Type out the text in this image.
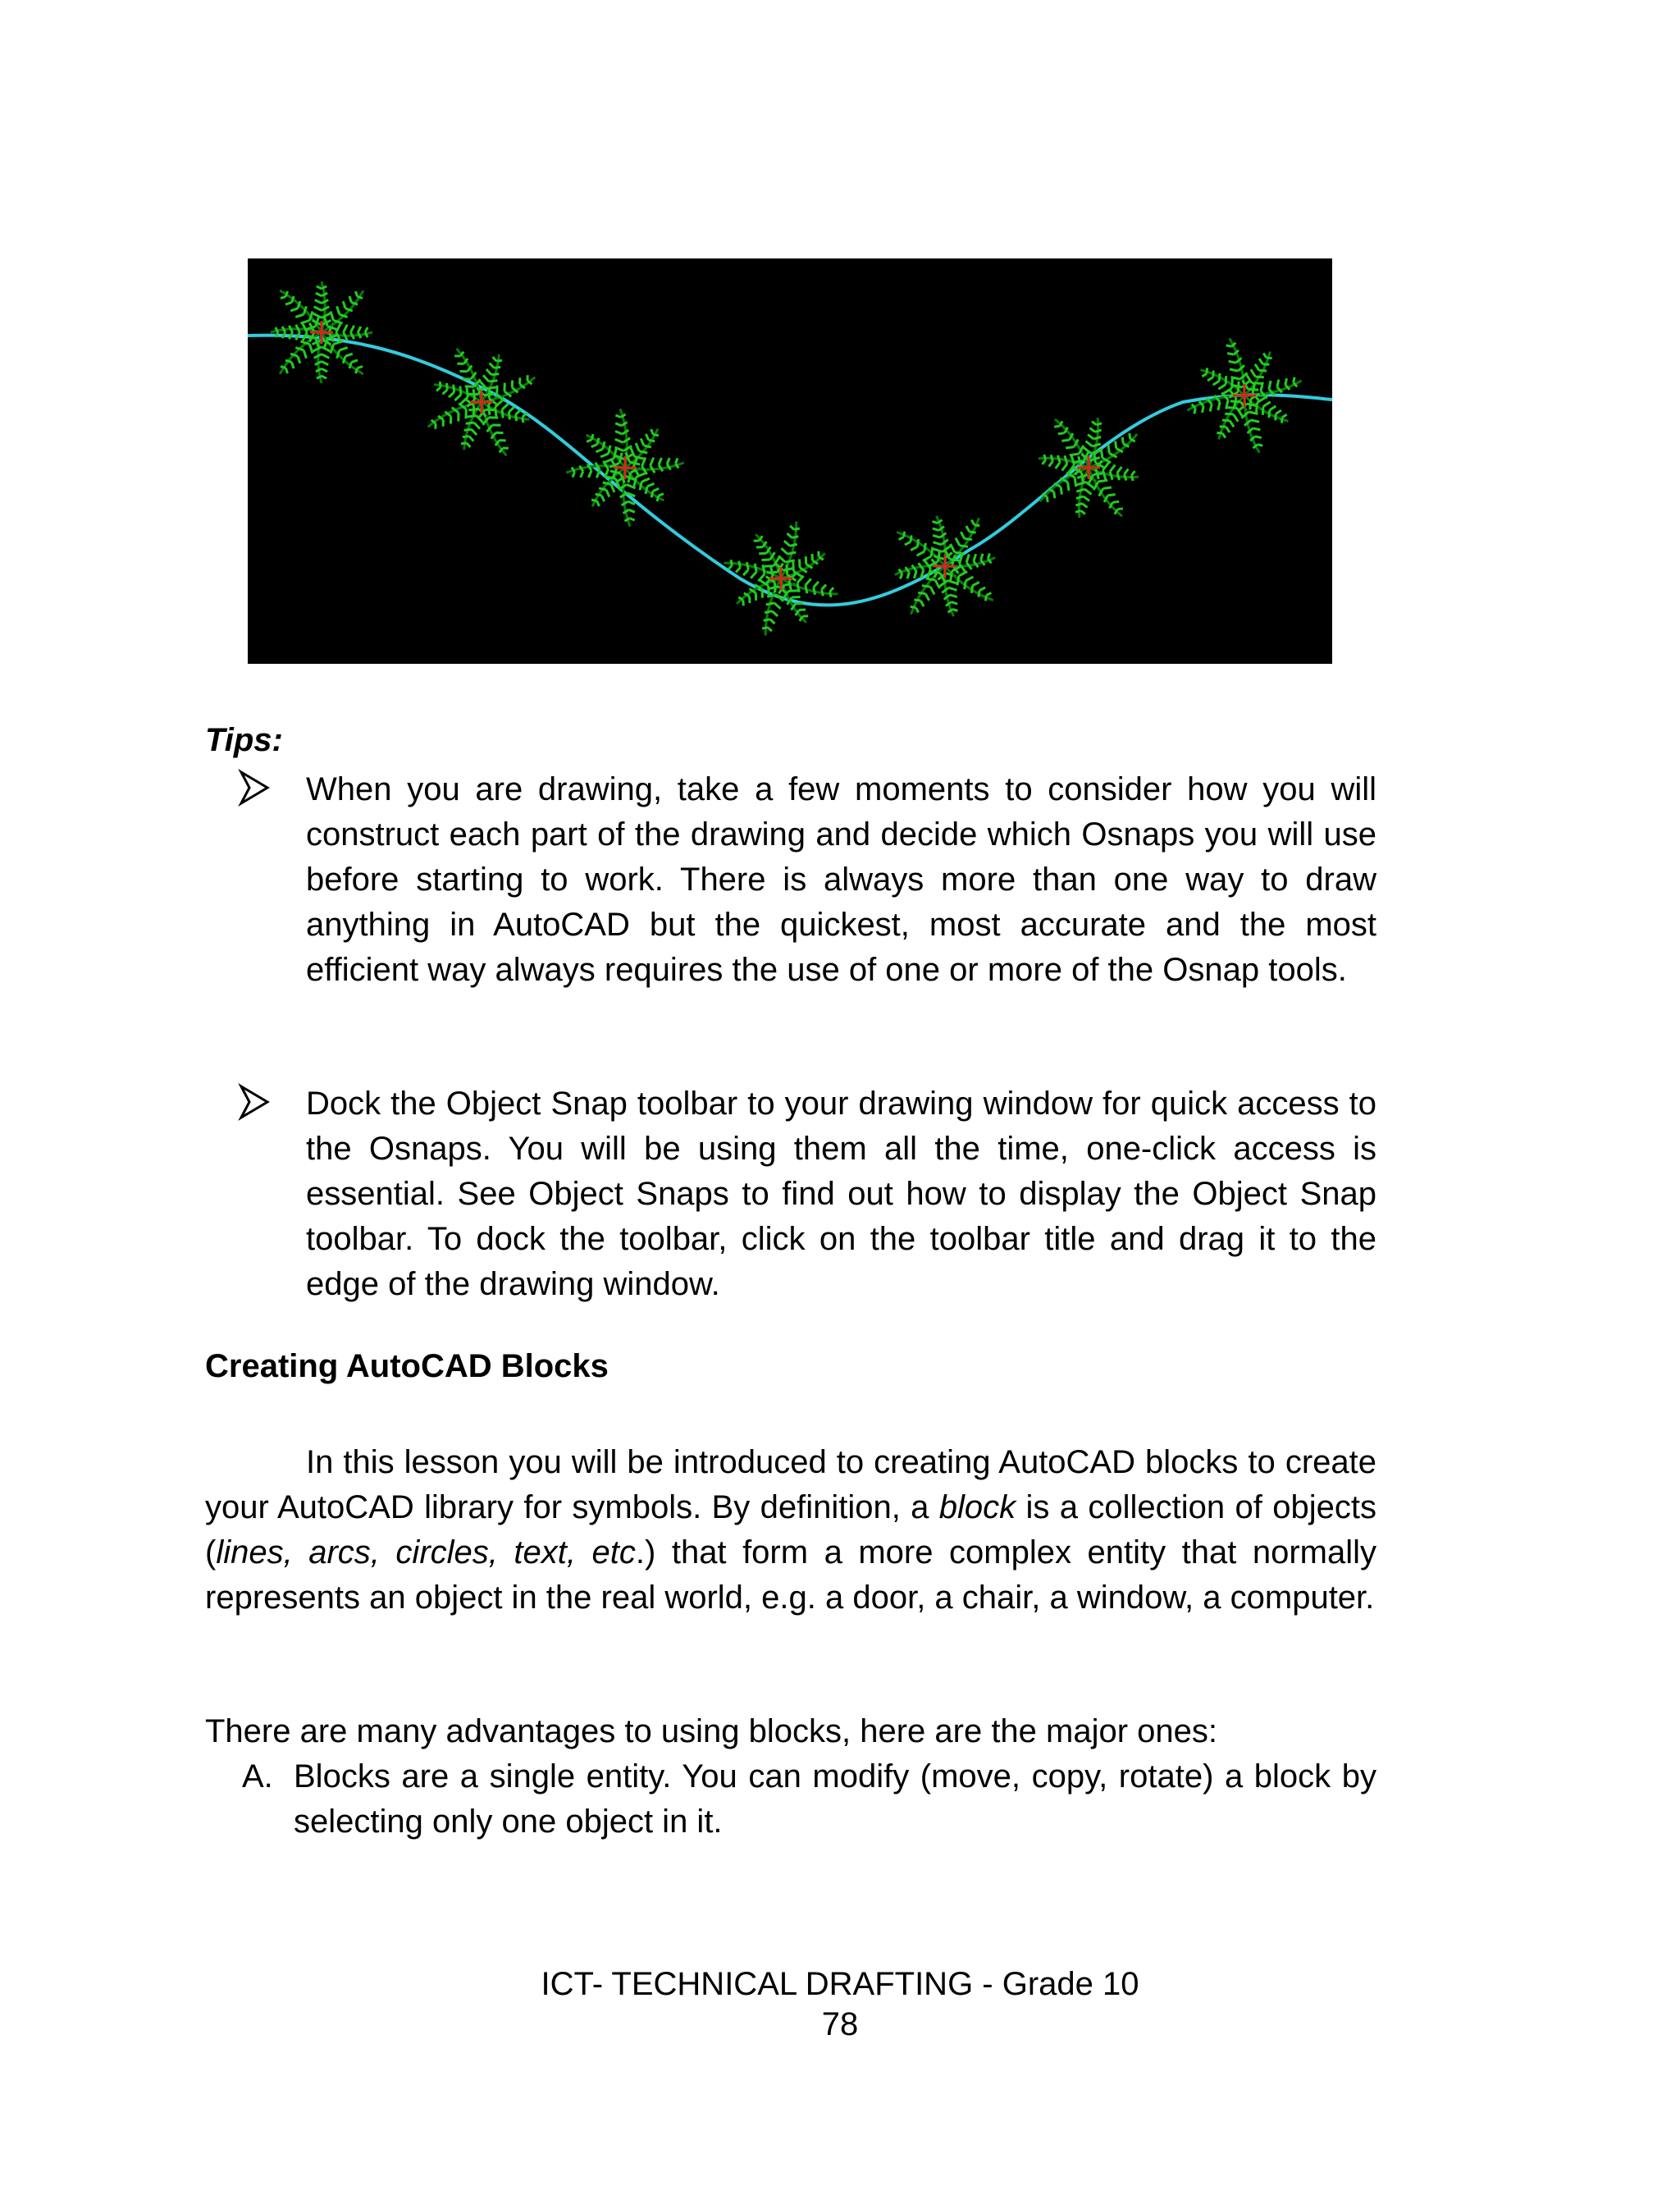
Tips:
When you are drawing, take a few moments to consider how you will construct each part of the drawing and decide which Osnaps you will use before starting to work. There is always more than one way to draw anything in AutoCAD but the quickest, most accurate and the most efficient way always requires the use of one or more of the Osnap tools.
Dock the Object Snap toolbar to your drawing window for quick access to the Osnaps. You will be using them all the time, one-click access is essential. See Object Snaps to find out how to display the Object Snap toolbar. To dock the toolbar, click on the toolbar title and drag it to the edge of the drawing window.
Creating AutoCAD Blocks

In this lesson you will be introduced to creating AutoCAD blocks to create your AutoCAD library for symbols. By definition, a block is a collection of objects (lines, arcs, circles, text, etc.) that form a more complex entity that normally represents an object in the real world, e.g. a door, a chair, a window, a computer.

There are many advantages to using blocks, here are the major ones:

A. Blocks are a single entity. You can modify (move, copy, rotate) a block by selecting only one object in it.
ICT- TECHNICAL DRAFTING - Grade 10
78
